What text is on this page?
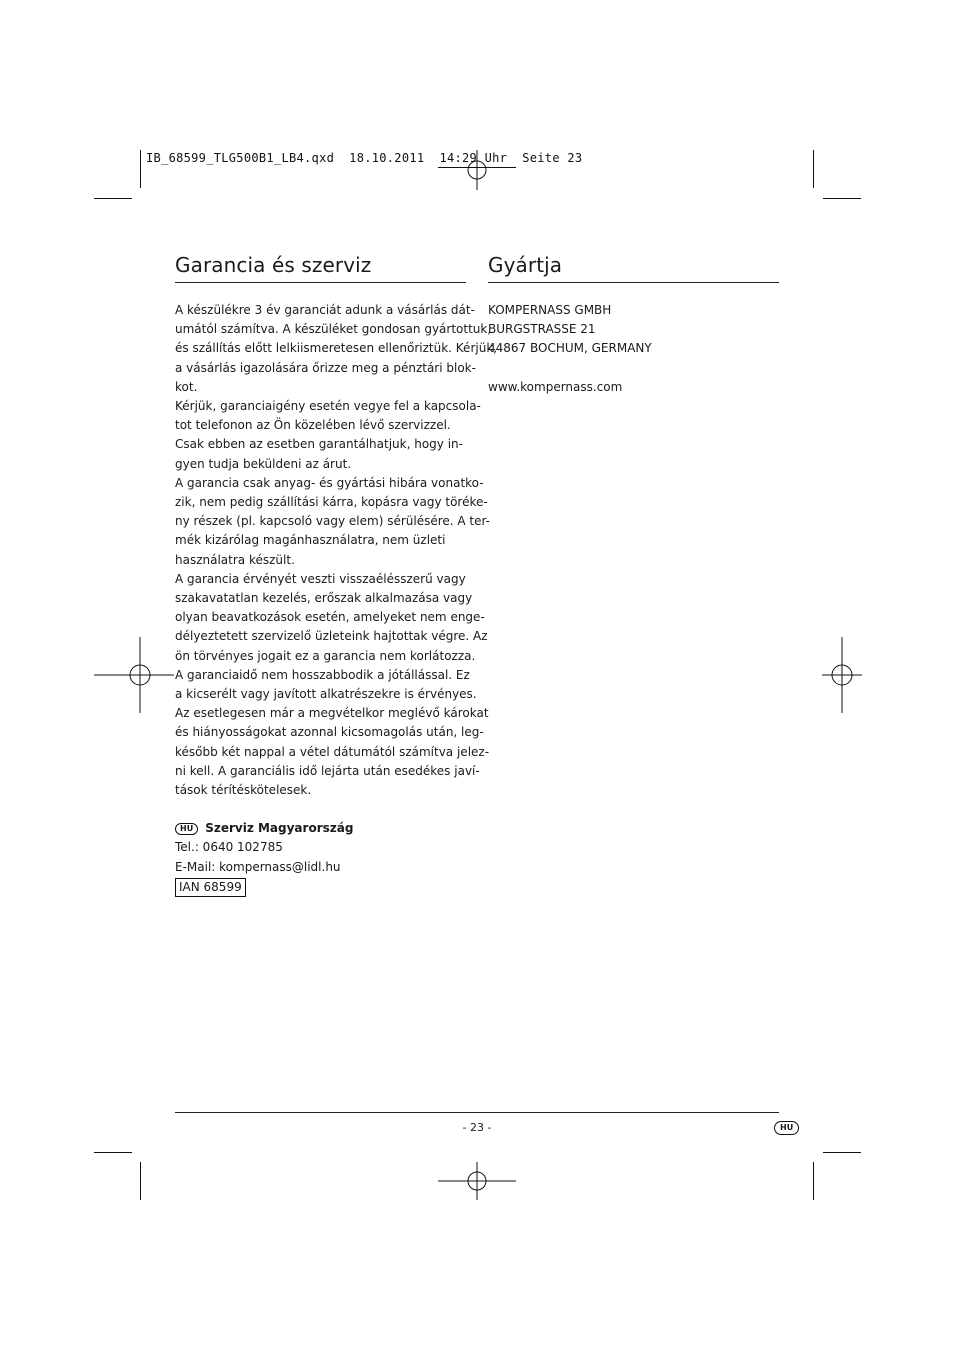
IB_68599_TLG500B1_LB4.qxd  18.10.2011  14:29 Uhr  Seite 23
Garancia és szerviz
A készülékre 3 év garanciát adunk a vásárlás dát-
umától számítva. A készüléket gondosan gyártottuk,
és szállítás előtt lelkiismeretesen ellenőriztük. Kérjük,
a vásárlás igazolására őrizze meg a pénztári blok-
kot.
Kérjük, garanciaigény esetén vegye fel a kapcsola-
tot telefonon az Ön közelében lévő szervizzel.
Csak ebben az esetben garantálhatjuk, hogy in-
gyen tudja beküldeni az árut.
A garancia csak anyag- és gyártási hibára vonatko-
zik, nem pedig szállítási kárra, kopásra vagy töréke-
ny részek (pl. kapcsoló vagy elem) sérülésére. A ter-
mék kizárólag magánhasználatra, nem üzleti
használatra készült.
A garancia érvényét veszti visszaélésszerű vagy
szakavatatlan kezelés, erőszak alkalmazása vagy
olyan beavatkozások esetén, amelyeket nem enge-
délyeztetett szervizelő üzleteink hajtottak végre. Az
ön törvényes jogait ez a garancia nem korlátozza.
A garanciaidő nem hosszabbodik a jótállással. Ez
a kicserélt vagy javított alkatrészekre is érvényes.
Az esetlegesen már a megvételkor meglévő károkat
és hiányosságokat azonnal kicsomagolás után, leg-
később két nappal a vétel dátumától számítva jelez-
ni kell. A garanciális idő lejárta után esedékes javí-
tások térítéskötelesek.
HU	Szerviz Magyarország
Tel.: 0640 102785
E-Mail: kompernass@lidl.hu
IAN 68599
Gyártja
KOMPERNASS GMBH
BURGSTRASSE 21
44867 BOCHUM, GERMANY
www.kompernass.com
- 23 -	HU
